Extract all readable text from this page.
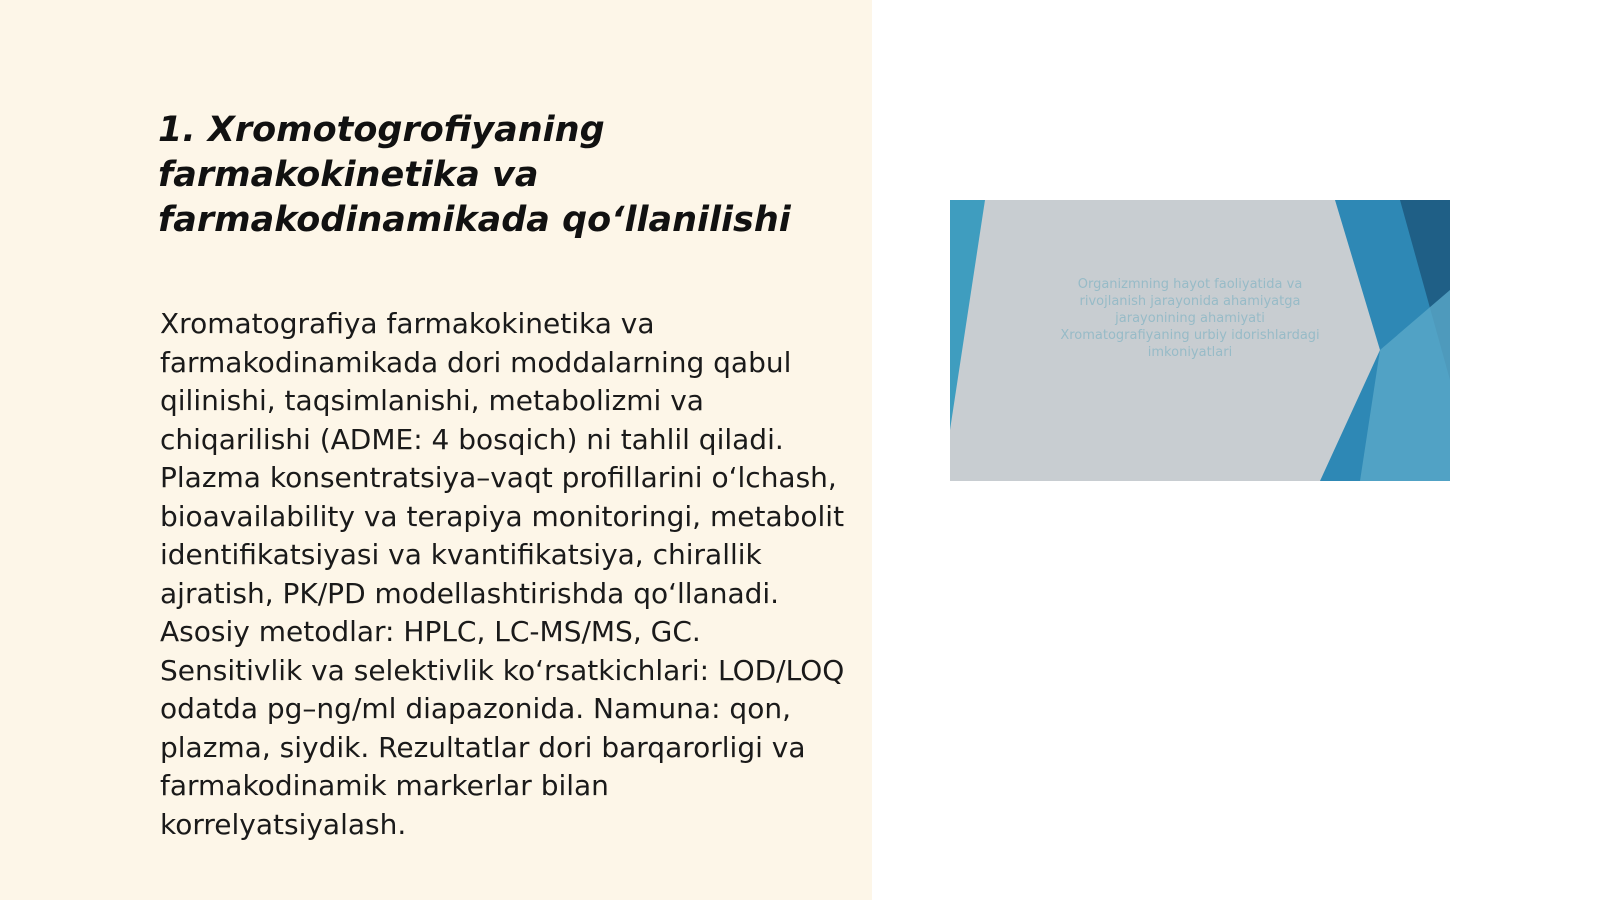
1. Xromotogrofiyaning
farmakokinetika va
farmakodinamikada qo‘llanilishi

Xromatografiya farmakokinetika va farmakodinamikada dori moddalarning qabul qilinishi, taqsimlanishi, metabolizmi va chiqarilishi (ADME: 4 bosqich) ni tahlil qiladi. Plazma konsentratsiya–vaqt profillarini o‘lchash, bioavailability va terapiya monitoringi, metabolit identifikatsiyasi va kvantifikatsiya, chirallik ajratish, PK/PD modellashtirishda qo‘llanadi. Asosiy metodlar: HPLC, LC-MS/MS, GC. Sensitivlik va selektivlik ko‘rsatkichlari: LOD/LOQ odatda pg–ng/ml diapazonida. Namuna: qon, plazma, siydik. Rezultatlar dori barqarorligi va farmakodinamik markerlar bilan korrelyatsiyalash.

Organizmning hayot faoliyatida va
rivojlanish jarayonida ahamiyatga
jarayonining ahamiyati
Xromatografiyaning urbiy idorishlardagi
imkoniyatlari
